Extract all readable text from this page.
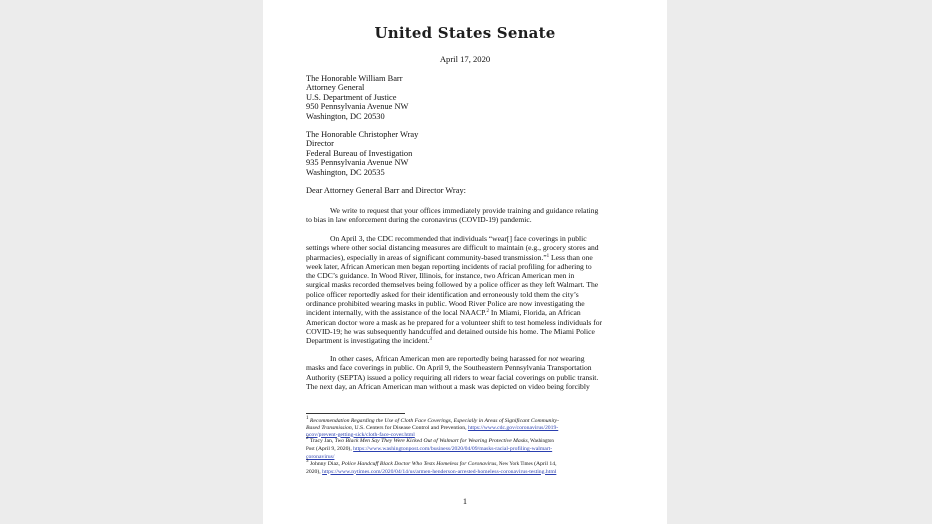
United States Senate
April 17, 2020
The Honorable William Barr
Attorney General
U.S. Department of Justice
950 Pennsylvania Avenue NW
Washington, DC 20530
The Honorable Christopher Wray
Director
Federal Bureau of Investigation
935 Pennsylvania Avenue NW
Washington, DC 20535
Dear Attorney General Barr and Director Wray:
We write to request that your offices immediately provide training and guidance relating
to bias in law enforcement during the coronavirus (COVID-19) pandemic.
On April 3, the CDC recommended that individuals “wear[] face coverings in public
settings where other social distancing measures are difficult to maintain (e.g., grocery stores and
pharmacies), especially in areas of significant community-based transmission.”$^1$ Less than one
week later, African American men began reporting incidents of racial profiling for adhering to
the CDC’s guidance. In Wood River, Illinois, for instance, two African American men in
surgical masks recorded themselves being followed by a police officer as they left Walmart. The
police officer reportedly asked for their identification and erroneously told them the city’s
ordinance prohibited wearing masks in public. Wood River Police are now investigating the
incident internally, with the assistance of the local NAACP.$^2$ In Miami, Florida, an African
American doctor wore a mask as he prepared for a volunteer shift to test homeless individuals for
COVID-19; he was subsequently handcuffed and detained outside his home. The Miami Police
Department is investigating the incident.$^3$
In other cases, African American men are reportedly being harassed for not wearing
masks and face coverings in public. On April 9, the Southeastern Pennsylvania Transportation
Authority (SEPTA) issued a policy requiring all riders to wear facial coverings on public transit.
The next day, an African American man without a mask was depicted on video being forcibly
$^1$ Recommendation Regarding the Use of Cloth Face Coverings, Especially in Areas of Significant Community-
Based Transmission, U.S. Centers for Disease Control and Prevention, https://www.cdc.gov/coronavirus/2019-
ncov/prevent-getting-sick/cloth-face-cover.html
$^2$ Tracy Jan, Two Black Men Say They Were Kicked Out of Walmart for Wearing Protective Masks, Washington
Post (April 9, 2020), https://www.washingtonpost.com/business/2020/04/09/masks-racial-profiling-walmart-
coronavirus/
$^3$ Johnny Diaz, Police Handcuff Black Doctor Who Tests Homeless for Coronavirus, New York Times (April 14,
2020), https://www.nytimes.com/2020/04/14/us/armen-henderson-arrested-homeless-coronavirus-testing.html
1
